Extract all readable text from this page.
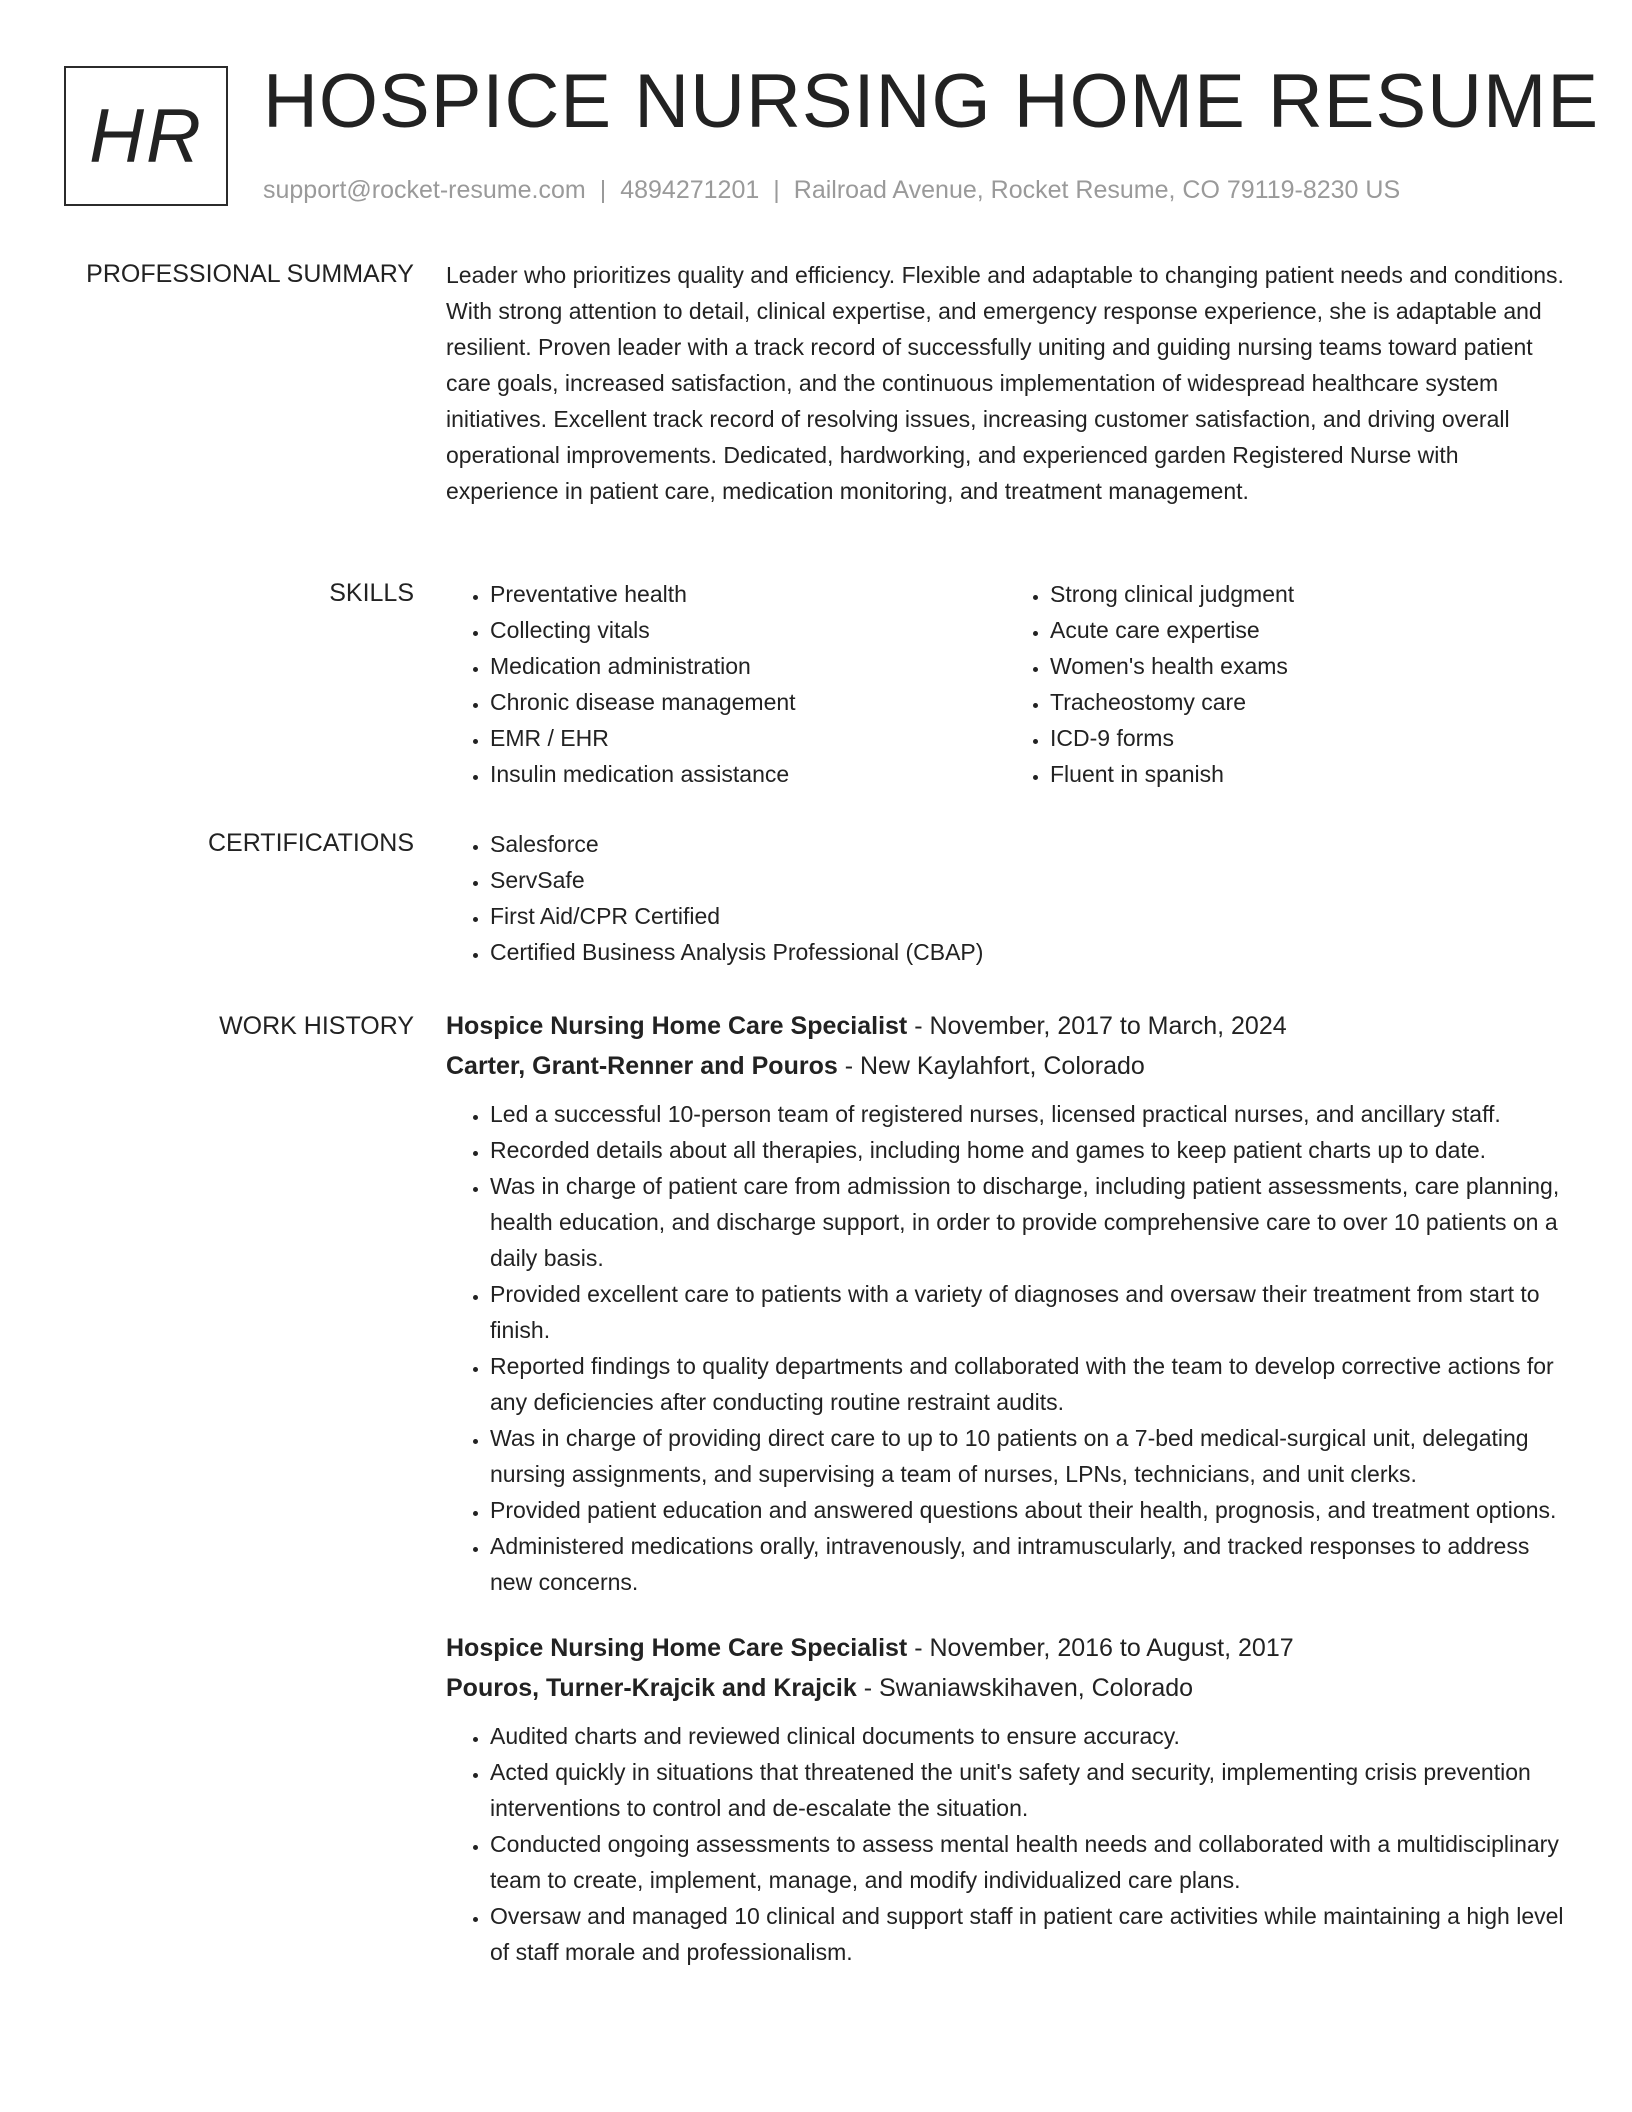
HR HOSPICE NURSING HOME RESUME
support@rocket-resume.com | 4894271201 | Railroad Avenue, Rocket Resume, CO 79119-8230 US
PROFESSIONAL SUMMARY Leader who prioritizes quality and efficiency. Flexible and adaptable to changing patient needs and conditions. With strong attention to detail, clinical expertise, and emergency response experience, she is adaptable and resilient. Proven leader with a track record of successfully uniting and guiding nursing teams toward patient care goals, increased satisfaction, and the continuous implementation of widespread healthcare system initiatives. Excellent track record of resolving issues, increasing customer satisfaction, and driving overall operational improvements. Dedicated, hardworking, and experienced garden Registered Nurse with experience in patient care, medication monitoring, and treatment management.
SKILLS	• Preventative health
• Collecting vitals
• Medication administration
• Chronic disease management
• EMR / EHR
• Insulin medication assistance
• Strong clinical judgment
• Acute care expertise
• Women's health exams
• Tracheostomy care
• ICD-9 forms
• Fluent in spanish
CERTIFICATIONS	• Salesforce
• ServSafe
• First Aid/CPR Certified
• Certified Business Analysis Professional (CBAP)
WORK HISTORY Hospice Nursing Home Care Specialist - November, 2017 to March, 2024
Carter, Grant-Renner and Pouros - New Kaylahfort, Colorado
• Led a successful 10-person team of registered nurses, licensed practical nurses, and ancillary staff.
• Recorded details about all therapies, including home and games to keep patient charts up to date.
• Was in charge of patient care from admission to discharge, including patient assessments, care planning, health education, and discharge support, in order to provide comprehensive care to over 10 patients on a daily basis.
• Provided excellent care to patients with a variety of diagnoses and oversaw their treatment from start to finish.
• Reported findings to quality departments and collaborated with the team to develop corrective actions for any deficiencies after conducting routine restraint audits.
• Was in charge of providing direct care to up to 10 patients on a 7-bed medical-surgical unit, delegating nursing assignments, and supervising a team of nurses, LPNs, technicians, and unit clerks.
• Provided patient education and answered questions about their health, prognosis, and treatment options.
• Administered medications orally, intravenously, and intramuscularly, and tracked responses to address new concerns.
Hospice Nursing Home Care Specialist - November, 2016 to August, 2017
Pouros, Turner-Krajcik and Krajcik - Swaniawskihaven, Colorado
• Audited charts and reviewed clinical documents to ensure accuracy.
• Acted quickly in situations that threatened the unit's safety and security, implementing crisis prevention interventions to control and de-escalate the situation.
• Conducted ongoing assessments to assess mental health needs and collaborated with a multidisciplinary team to create, implement, manage, and modify individualized care plans.
• Oversaw and managed 10 clinical and support staff in patient care activities while maintaining a high level of staff morale and professionalism.
